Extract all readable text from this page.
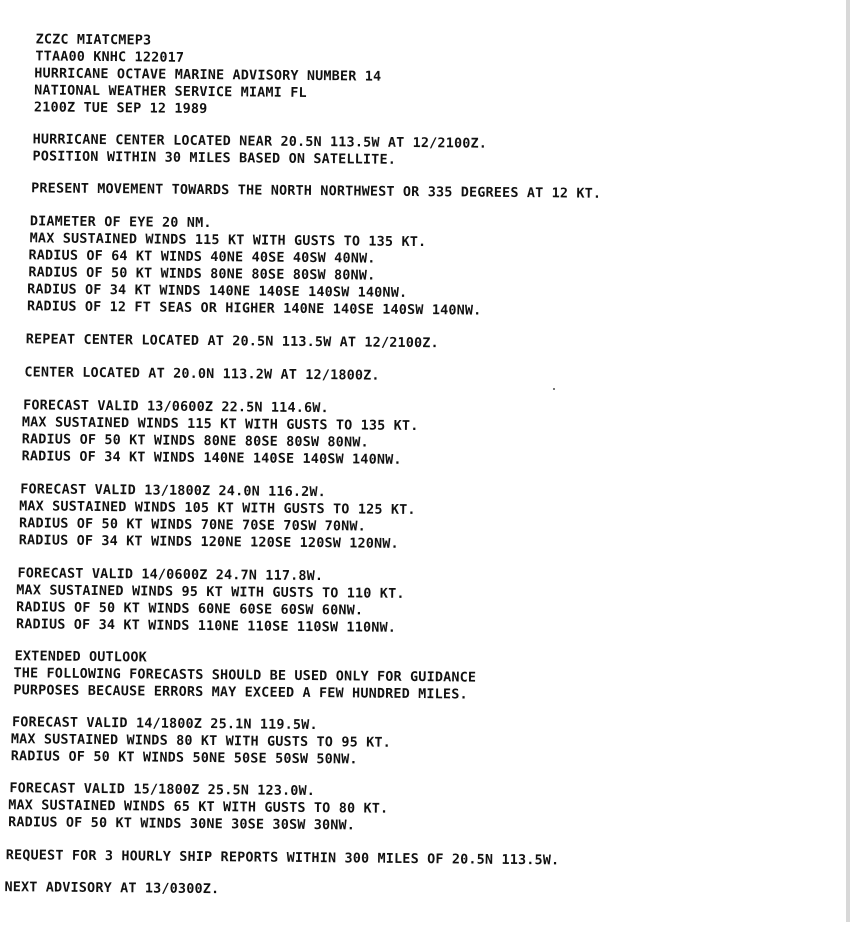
ZCZC MIATCMEP3
TTAA00 KNHC 122017
HURRICANE OCTAVE MARINE ADVISORY NUMBER 14
NATIONAL WEATHER SERVICE MIAMI FL
2100Z TUE SEP 12 1989
HURRICANE CENTER LOCATED NEAR 20.5N 113.5W AT 12/2100Z.
POSITION WITHIN 30 MILES BASED ON SATELLITE.
PRESENT MOVEMENT TOWARDS THE NORTH NORTHWEST OR 335 DEGREES AT 12 KT.
DIAMETER OF EYE 20 NM.
MAX SUSTAINED WINDS 115 KT WITH GUSTS TO 135 KT.
RADIUS OF 64 KT WINDS 40NE 40SE 40SW 40NW.
RADIUS OF 50 KT WINDS 80NE 80SE 80SW 80NW.
RADIUS OF 34 KT WINDS 140NE 140SE 140SW 140NW.
RADIUS OF 12 FT SEAS OR HIGHER 140NE 140SE 140SW 140NW.
REPEAT CENTER LOCATED AT 20.5N 113.5W AT 12/2100Z.
CENTER LOCATED AT 20.0N 113.2W AT 12/1800Z.
FORECAST VALID 13/0600Z 22.5N 114.6W.
MAX SUSTAINED WINDS 115 KT WITH GUSTS TO 135 KT.
RADIUS OF 50 KT WINDS 80NE 80SE 80SW 80NW.
RADIUS OF 34 KT WINDS 140NE 140SE 140SW 140NW.
FORECAST VALID 13/1800Z 24.0N 116.2W.
MAX SUSTAINED WINDS 105 KT WITH GUSTS TO 125 KT.
RADIUS OF 50 KT WINDS 70NE 70SE 70SW 70NW.
RADIUS OF 34 KT WINDS 120NE 120SE 120SW 120NW.
FORECAST VALID 14/0600Z 24.7N 117.8W.
MAX SUSTAINED WINDS 95 KT WITH GUSTS TO 110 KT.
RADIUS OF 50 KT WINDS 60NE 60SE 60SW 60NW.
RADIUS OF 34 KT WINDS 110NE 110SE 110SW 110NW.
EXTENDED OUTLOOK
THE FOLLOWING FORECASTS SHOULD BE USED ONLY FOR GUIDANCE
PURPOSES BECAUSE ERRORS MAY EXCEED A FEW HUNDRED MILES.
FORECAST VALID 14/1800Z 25.1N 119.5W.
MAX SUSTAINED WINDS 80 KT WITH GUSTS TO 95 KT.
RADIUS OF 50 KT WINDS 50NE 50SE 50SW 50NW.
FORECAST VALID 15/1800Z 25.5N 123.0W.
MAX SUSTAINED WINDS 65 KT WITH GUSTS TO 80 KT.
RADIUS OF 50 KT WINDS 30NE 30SE 30SW 30NW.
REQUEST FOR 3 HOURLY SHIP REPORTS WITHIN 300 MILES OF 20.5N 113.5W.
NEXT ADVISORY AT 13/0300Z.
